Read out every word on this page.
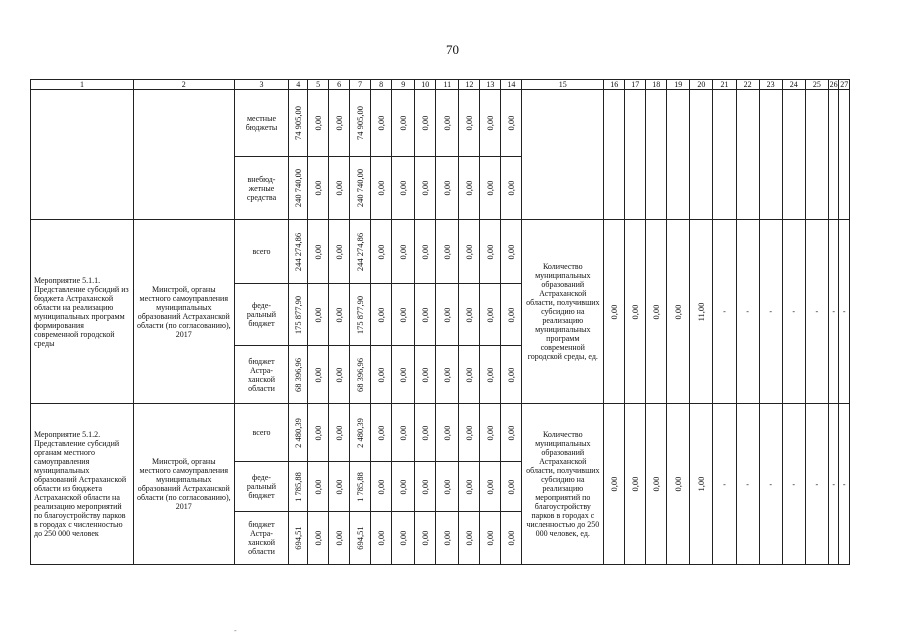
70
1	2	3	4	5	6	7	8	9	10	11	12	13	14	15	16	17	18	19	20	21	22	23	24	25	26	27
		местные бюджеты	74 905,00	0,00	0,00	74 905,00	0,00	0,00	0,00	0,00	0,00	0,00	0,00													

		внебюд-жетные средства	240 740,00	0,00	0,00	240 740,00	0,00	0,00	0,00	0,00	0,00	0,00	0,00													

Мероприятие 5.1.1. Представление субсидий из бюджета Астраханской области на реализацию муниципальных программ формирования современной городской среды	Минстрой, органы местного самоуправления муниципальных образований Астраханской области (по согласованию), 2017	всего	244 274,86	0,00	0,00	244 274,86	0,00	0,00	0,00	0,00	0,00	0,00	0,00	Количество муниципальных образований Астраханской области, получивших субсидию на реализацию муниципальных программ современной городской среды, ед.	0,00	0,00	0,00	0,00	11,00	-	-	-	-	-	-	-
		феде-ральный бюджет	175 877,90	0,00	0,00	175 877,90	0,00	0,00	0,00	0,00	0,00	0,00	0,00													

		бюджет Астра-ханской области	68 396,96	0,00	0,00	68 396,96	0,00	0,00	0,00	0,00	0,00	0,00	0,00													

Мероприятие 5.1.2. Представление субсидий органам местного самоуправления муниципальных образований Астраханской области из бюджета Астраханской области на реализацию мероприятий по благоустройству парков в городах с численностью до 250 000 человек	Минстрой, органы местного самоуправления муниципальных образований Астраханской области (по согласованию), 2017	всего	2 480,39	0,00	0,00	2 480,39	0,00	0,00	0,00	0,00	0,00	0,00	0,00	Количество муниципальных образований Астраханской области, получивших субсидию на реализацию мероприятий по благоустройству парков в городах с численностью до 250 000 человек, ед.	0,00	0,00	0,00	0,00	1,00	-	-	-	-	-	-	-
		феде-ральный бюджет	1 785,88	0,00	0,00	1 785,88	0,00	0,00	0,00	0,00	0,00	0,00	0,00													

		бюджет Астра-ханской области	694,51	0,00	0,00	694,51	0,00	0,00	0,00	0,00	0,00	0,00	0,00													
-
